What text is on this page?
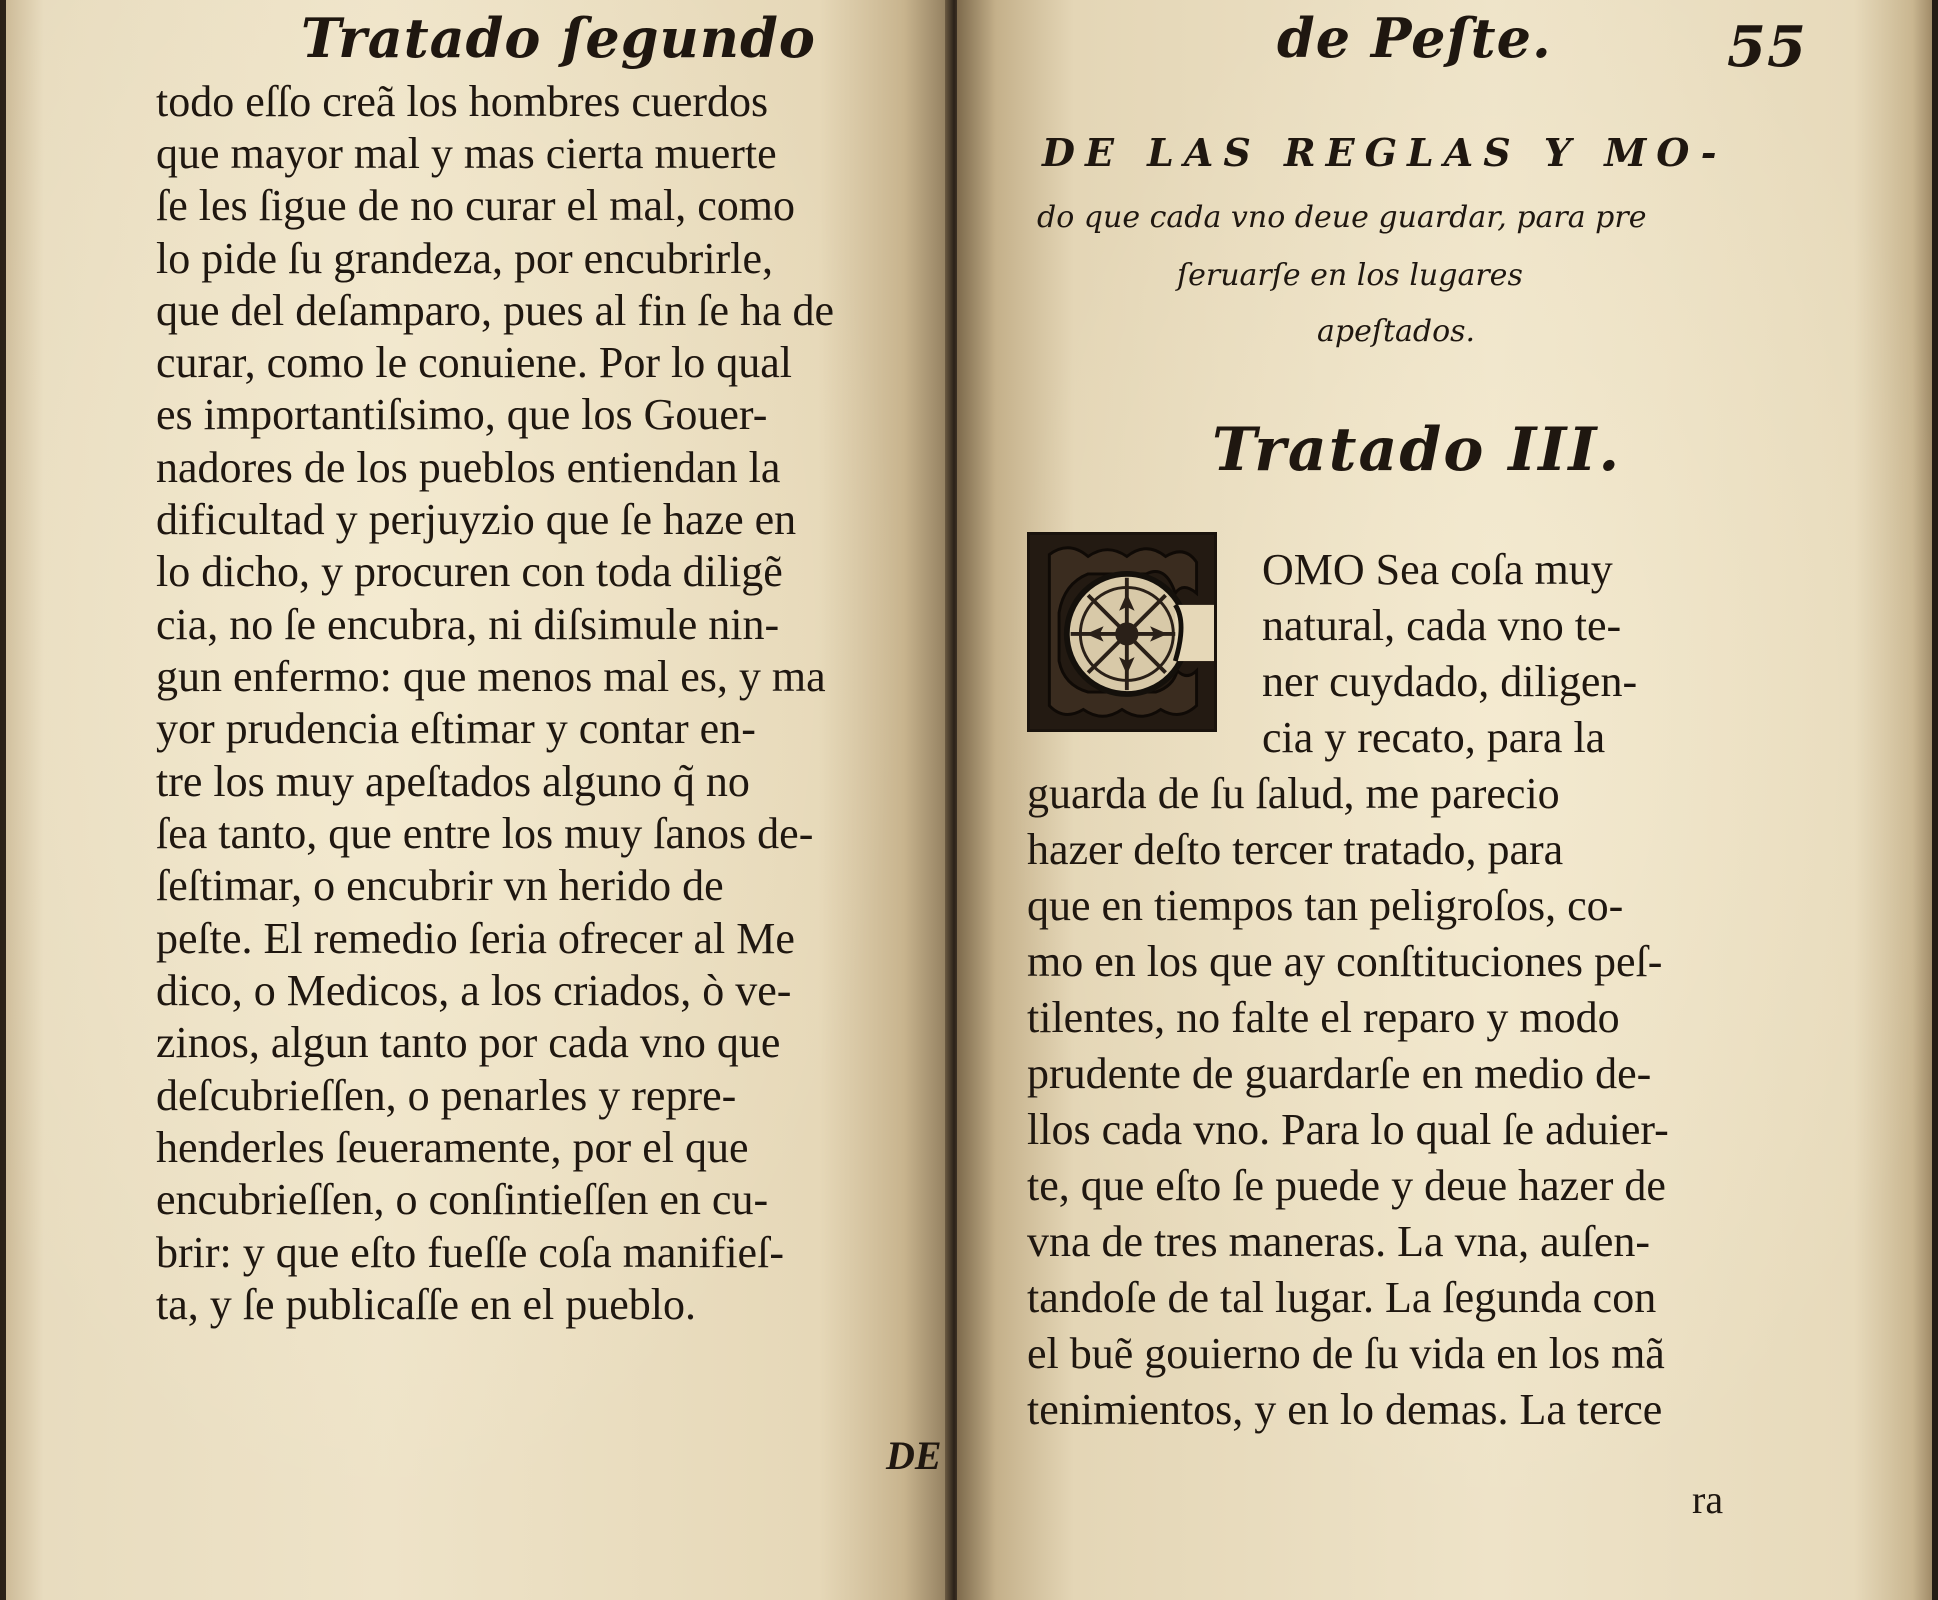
Tratado ſegundo
todo eſſo creã los hombres cuerdos
que mayor mal y mas cierta muerte
ſe les ſigue de no curar el mal, como
lo pide ſu grandeza, por encubrirle,
que del deſamparo, pues al fin ſe ha de
curar, como le conuiene. Por lo qual
es importantiſsimo, que los Gouer-
nadores de los pueblos entiendan la
dificultad y perjuyzio que ſe haze en
lo dicho, y procuren con toda diligẽ
cia, no ſe encubra, ni diſsimule nin-
gun enfermo: que menos mal es, y ma
yor prudencia eſtimar y contar en-
tre los muy apeſtados alguno q̃ no
ſea tanto, que entre los muy ſanos de-
ſeſtimar, o encubrir vn herido de
peſte. El remedio ſeria ofrecer al Me
dico, o Medicos, a los criados, ò ve-
zinos, algun tanto por cada vno que
deſcubrieſſen, o penarles y repre-
henderles ſeueramente, por el que
encubrieſſen, o conſintieſſen en cu-
brir: y que eſto fueſſe coſa manifieſ-
ta, y ſe publicaſſe en el pueblo.
DE
de Peſte.	55
DE LAS REGLAS Y MO-
do que cada vno deue guardar, para pre
ſeruarſe en los lugares
apeſtados.
Tratado III.
OMO Sea coſa muy
natural, cada vno te-
ner cuydado, diligen-
cia y recato, para la
guarda de ſu ſalud, me parecio
hazer deſto tercer tratado, para
que en tiempos tan peligroſos, co-
mo en los que ay conſtituciones peſ-
tilentes, no falte el reparo y modo
prudente de guardarſe en medio de-
llos cada vno. Para lo qual ſe aduier-
te, que eſto ſe puede y deue hazer de
vna de tres maneras. La vna, auſen-
tandoſe de tal lugar. La ſegunda con
el buẽ gouierno de ſu vida en los mã
tenimientos, y en lo demas. La terce
ra
